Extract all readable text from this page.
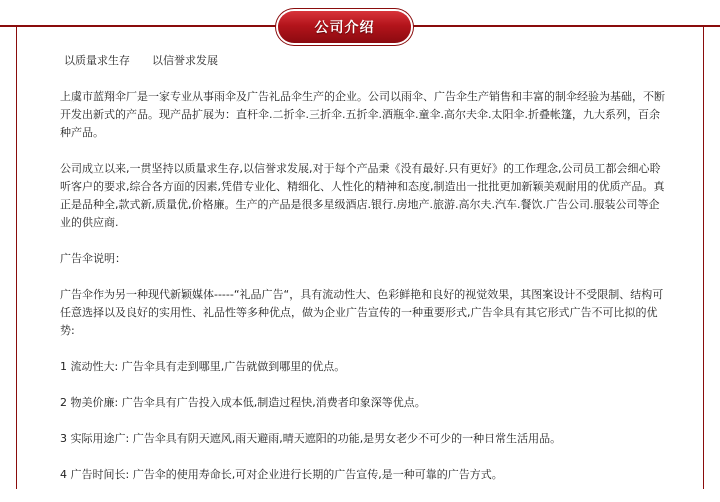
公司介绍
以质量求生存　　以信誉求发展

上虞市蓝翔伞厂是一家专业从事雨伞及广告礼品伞生产的企业。公司以雨伞、广告伞生产销售和丰富的制伞经验为基础，不断开发出新式的产品。现产品扩展为：直杆伞.二折伞.三折伞.五折伞.酒瓶伞.童伞.高尔夫伞.太阳伞.折叠帐篷，九大系列，百余种产品。

公司成立以来,一贯坚持以质量求生存,以信誉求发展,对于每个产品秉《没有最好.只有更好》的工作理念,公司员工都会细心聆听客户的要求,综合各方面的因素,凭借专业化、精细化、人性化的精神和态度,制造出一批批更加新颖美观耐用的优质产品。真正是品种全,款式新,质量优,价格廉。生产的产品是很多星级酒店.银行.房地产.旅游.高尔夫.汽车.餐饮.广告公司.服装公司等企业的供应商.

广告伞说明：

广告伞作为另一种现代新颖媒体-----“礼品广告“，具有流动性大、色彩鲜艳和良好的视觉效果，其图案设计不受限制、结构可任意选择以及良好的实用性、礼品性等多种优点，做为企业广告宣传的一种重要形式,广告伞具有其它形式广告不可比拟的优势:

1 流动性大: 广告伞具有走到哪里,广告就做到哪里的优点。

2 物美价廉: 广告伞具有广告投入成本低,制造过程快,消费者印象深等优点。

3 实际用途广: 广告伞具有阴天遮风,雨天避雨,晴天遮阳的功能,是男女老少不可少的一种日常生活用品。

4 广告时间长: 广告伞的使用寿命长,可对企业进行长期的广告宣传,是一种可靠的广告方式。
